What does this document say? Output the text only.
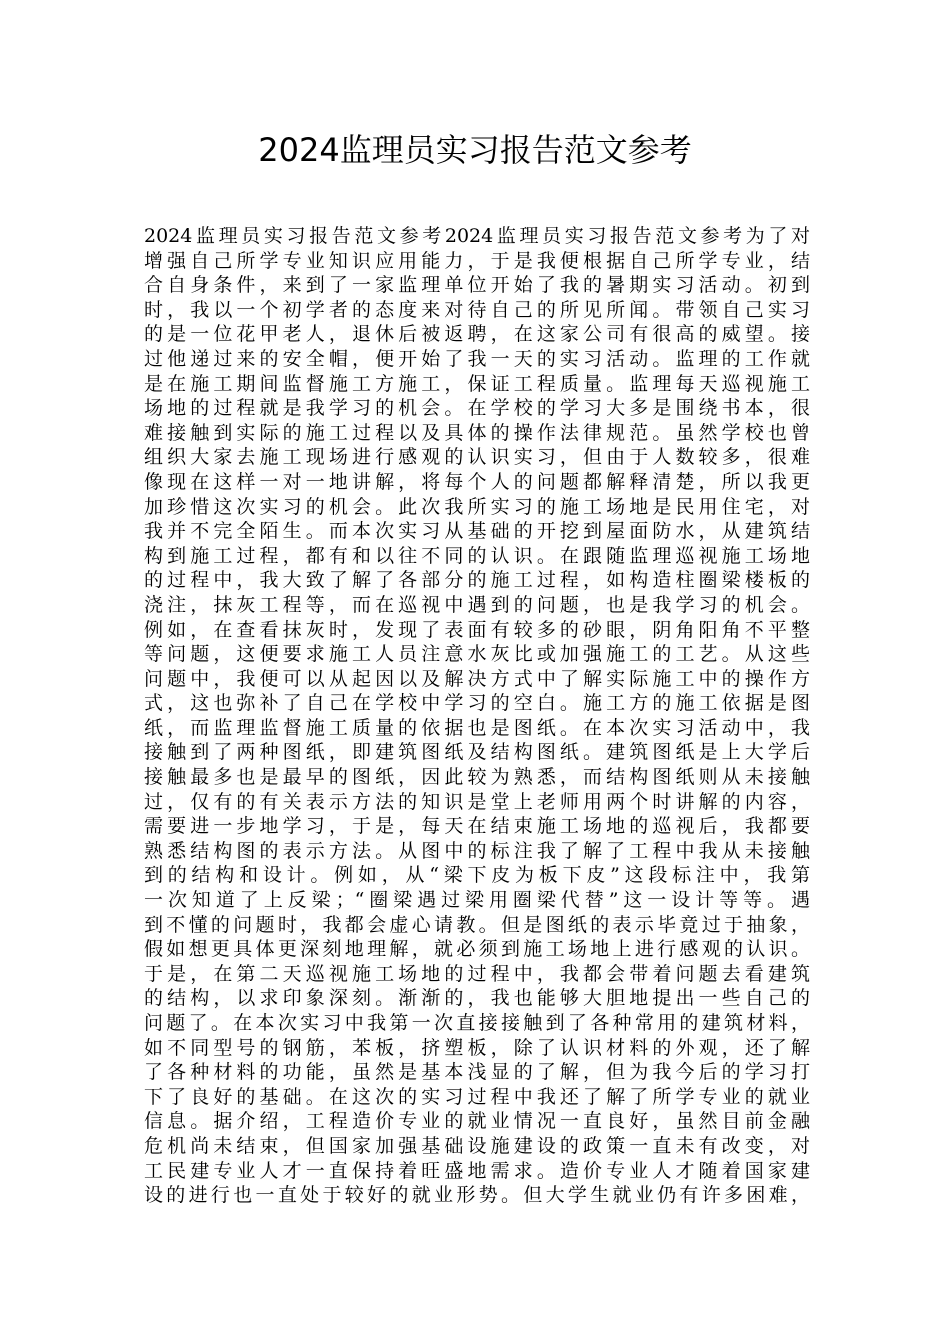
2024监理员实习报告范文参考
2024监理员实习报告范文参考2024监理员实习报告范文参考为了对
增强自己所学专业知识应用能力，于是我便根据自己所学专业，结
合自身条件，来到了一家监理单位开始了我的暑期实习活动。初到
时，我以一个初学者的态度来对待自己的所见所闻。带领自己实习
的是一位花甲老人，退休后被返聘，在这家公司有很高的威望。接
过他递过来的安全帽，便开始了我一天的实习活动。监理的工作就
是在施工期间监督施工方施工，保证工程质量。监理每天巡视施工
场地的过程就是我学习的机会。在学校的学习大多是围绕书本，很
难接触到实际的施工过程以及具体的操作法律规范。虽然学校也曾
组织大家去施工现场进行感观的认识实习，但由于人数较多，很难
像现在这样一对一地讲解，将每个人的问题都解释清楚，所以我更
加珍惜这次实习的机会。此次我所实习的施工场地是民用住宅，对
我并不完全陌生。而本次实习从基础的开挖到屋面防水，从建筑结
构到施工过程，都有和以往不同的认识。在跟随监理巡视施工场地
的过程中，我大致了解了各部分的施工过程，如构造柱圈梁楼板的
浇注，抹灰工程等，而在巡视中遇到的问题，也是我学习的机会。
例如，在查看抹灰时，发现了表面有较多的砂眼，阴角阳角不平整
等问题，这便要求施工人员注意水灰比或加强施工的工艺。从这些
问题中，我便可以从起因以及解决方式中了解实际施工中的操作方
式，这也弥补了自己在学校中学习的空白。施工方的施工依据是图
纸，而监理监督施工质量的依据也是图纸。在本次实习活动中，我
接触到了两种图纸，即建筑图纸及结构图纸。建筑图纸是上大学后
接触最多也是最早的图纸，因此较为熟悉，而结构图纸则从未接触
过，仅有的有关表示方法的知识是堂上老师用两个时讲解的内容，
需要进一步地学习，于是，每天在结束施工场地的巡视后，我都要
熟悉结构图的表示方法。从图中的标注我了解了工程中我从未接触
到的结构和设计。例如，从“梁下皮为板下皮”这段标注中，我第
一次知道了上反梁；“圈梁遇过梁用圈梁代替”这一设计等等。遇
到不懂的问题时，我都会虚心请教。但是图纸的表示毕竟过于抽象，
假如想更具体更深刻地理解，就必须到施工场地上进行感观的认识。
于是，在第二天巡视施工场地的过程中，我都会带着问题去看建筑
的结构，以求印象深刻。渐渐的，我也能够大胆地提出一些自己的
问题了。在本次实习中我第一次直接接触到了各种常用的建筑材料，
如不同型号的钢筋，苯板，挤塑板，除了认识材料的外观，还了解
了各种材料的功能，虽然是基本浅显的了解，但为我今后的学习打
下了良好的基础。在这次的实习过程中我还了解了所学专业的就业
信息。据介绍，工程造价专业的就业情况一直良好，虽然目前金融
危机尚未结束，但国家加强基础设施建设的政策一直未有改变，对
工民建专业人才一直保持着旺盛地需求。造价专业人才随着国家建
设的进行也一直处于较好的就业形势。但大学生就业仍有许多困难，
